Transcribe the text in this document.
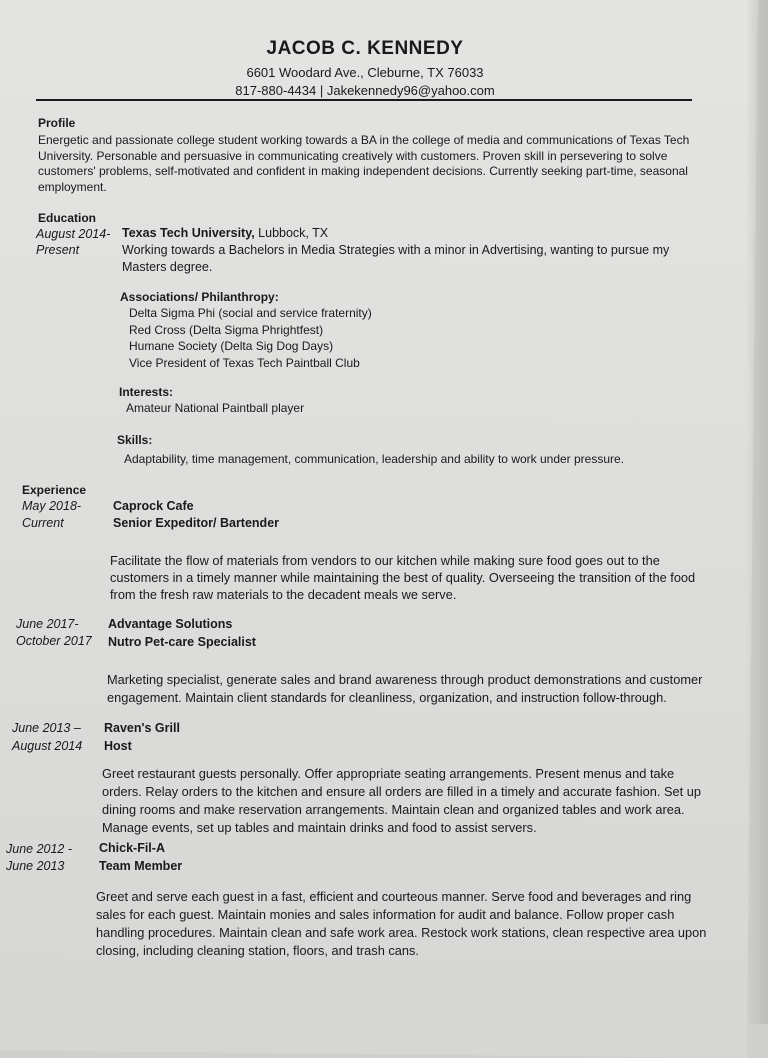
JACOB C. KENNEDY
6601 Woodard Ave., Cleburne, TX 76033
817-880-4434 | Jakekennedy96@yahoo.com
Profile
Energetic and passionate college student working towards a BA in the college of media and communications of Texas Tech University. Personable and persuasive in communicating creatively with customers. Proven skill in persevering to solve customers' problems, self-motivated and confident in making independent decisions. Currently seeking part-time, seasonal employment.
Education
August 2014-
Present
Texas Tech University, Lubbock, TX
Working towards a Bachelors in Media Strategies with a minor in Advertising, wanting to pursue my Masters degree.
Associations/ Philanthropy:
Delta Sigma Phi (social and service fraternity)
Red Cross (Delta Sigma Phrightfest)
Humane Society (Delta Sig Dog Days)
Vice President of Texas Tech Paintball Club
Interests:
Amateur National Paintball player
Skills:
Adaptability, time management, communication, leadership and ability to work under pressure.
Experience
May 2018-
Current
Caprock Cafe
Senior Expeditor/ Bartender
Facilitate the flow of materials from vendors to our kitchen while making sure food goes out to the customers in a timely manner while maintaining the best of quality. Overseeing the transition of the food from the fresh raw materials to the decadent meals we serve.
June 2017-
October 2017
Advantage Solutions
Nutro Pet-care Specialist
Marketing specialist, generate sales and brand awareness through product demonstrations and customer engagement. Maintain client standards for cleanliness, organization, and instruction follow-through.
June 2013 –
August 2014
Raven's Grill
Host
Greet restaurant guests personally. Offer appropriate seating arrangements. Present menus and take orders. Relay orders to the kitchen and ensure all orders are filled in a timely and accurate fashion. Set up dining rooms and make reservation arrangements. Maintain clean and organized tables and work area. Manage events, set up tables and maintain drinks and food to assist servers.
June 2012 -
June 2013
Chick-Fil-A
Team Member
Greet and serve each guest in a fast, efficient and courteous manner. Serve food and beverages and ring sales for each guest. Maintain monies and sales information for audit and balance. Follow proper cash handling procedures. Maintain clean and safe work area. Restock work stations, clean respective area upon closing, including cleaning station, floors, and trash cans.
